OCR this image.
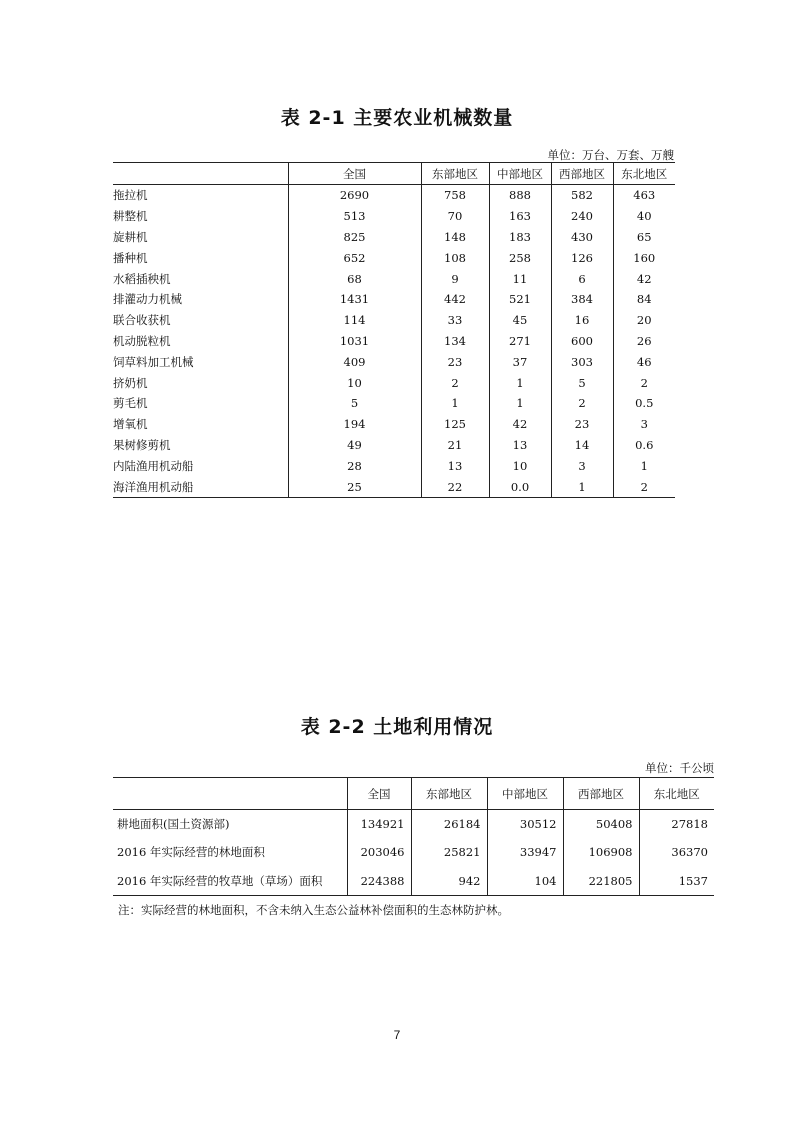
表 2-1 主要农业机械数量
单位：万台、万套、万艘
	全国	东部地区	中部地区	西部地区	东北地区
拖拉机	2690	758	888	582	463
耕整机	513	70	163	240	40
旋耕机	825	148	183	430	65
播种机	652	108	258	126	160
水稻插秧机	68	9	11	6	42
排灌动力机械	1431	442	521	384	84
联合收获机	114	33	45	16	20
机动脱粒机	1031	134	271	600	26
饲草料加工机械	409	23	37	303	46
挤奶机	10	2	1	5	2
剪毛机	5	1	1	2	0.5
增氧机	194	125	42	23	3
果树修剪机	49	21	13	14	0.6
内陆渔用机动船	28	13	10	3	1
海洋渔用机动船	25	22	0.0	1	2
表 2-2 土地利用情况
单位：千公顷
	全国	东部地区	中部地区	西部地区	东北地区
耕地面积(国土资源部)	134921	26184	30512	50408	27818
2016 年实际经营的林地面积	203046	25821	33947	106908	36370
2016 年实际经营的牧草地（草场）面积	224388	942	104	221805	1537
注：实际经营的林地面积，不含未纳入生态公益林补偿面积的生态林防护林。
7
